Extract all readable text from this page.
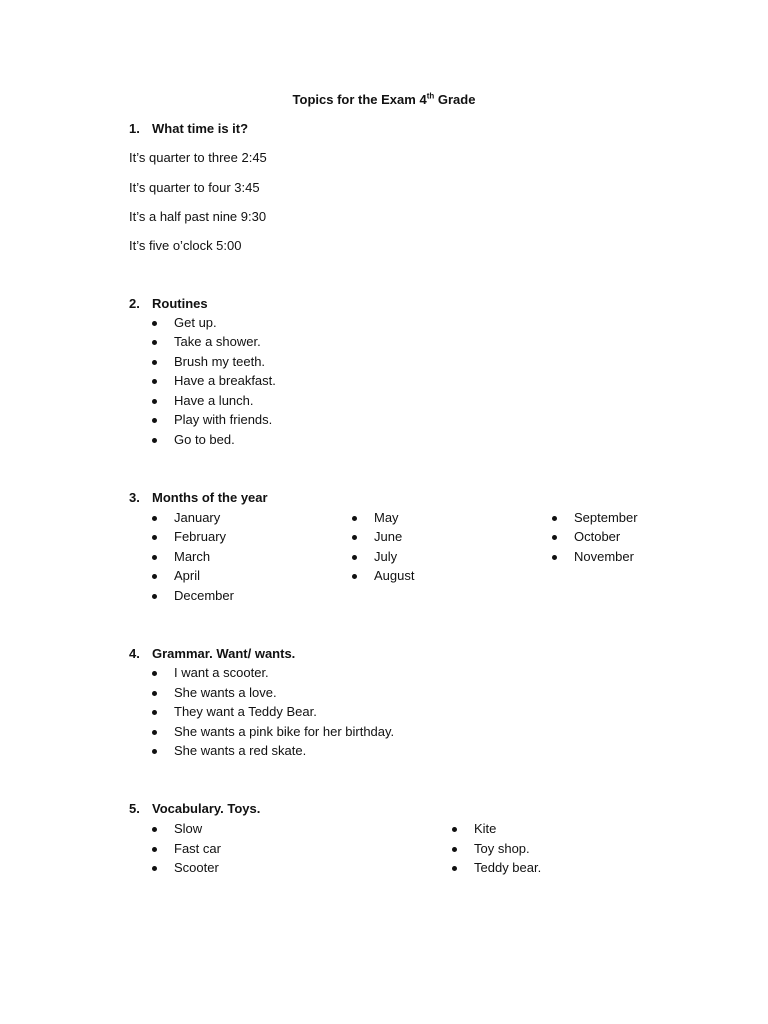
Topics for the Exam 4th Grade
1. What time is it?
It’s quarter to three 2:45
It’s quarter to four 3:45
It’s a half past nine 9:30
It’s five o’clock 5:00
2. Routines
Get up.
Take a shower.
Brush my teeth.
Have a breakfast.
Have a lunch.
Play with friends.
Go to bed.
3. Months of the year
January
February
March
April
December
May
June
July
August
September
October
November
4. Grammar. Want/ wants.
I want a scooter.
She wants a love.
They want a Teddy Bear.
She wants a pink bike for her birthday.
She wants a red skate.
5. Vocabulary. Toys.
Slow
Fast car
Scooter
Kite
Toy shop.
Teddy bear.
